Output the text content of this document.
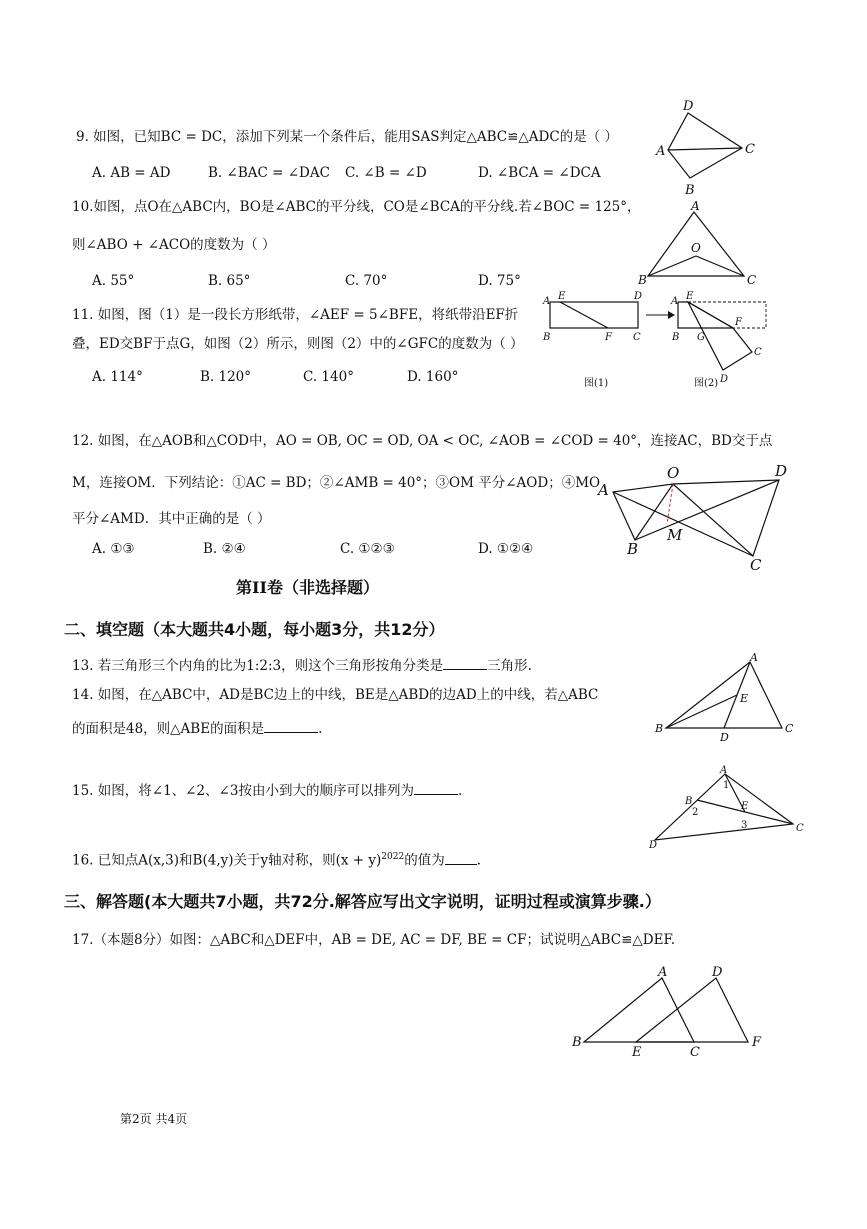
9. 如图，已知BC = DC，添加下列某一个条件后，能用SAS判定△ABC≌△ADC的是（ ）
A. AB = AD	B. ∠BAC = ∠DAC C. ∠B = ∠D	D. ∠BCA = ∠DCA
D
A	C
B
10.如图，点O在△ABC内，BO是∠ABC的平分线，CO是∠BCA的平分线.若∠BOC = 125°，
则∠ABO + ∠ACO的度数为（ ）
A. 55°	B. 65°	C. 70°	D. 75°
A
O
B	C
11. 如图，图（1）是一段长方形纸带，∠AEF = 5∠BFE，将纸带沿EF折
叠，ED交BF于点G，如图（2）所示，则图（2）中的∠GFC的度数为（ ）
A. 114°	B. 120°	C. 140°	D. 160°
A E	D
B	F C
A E
B G
F
C
D
图(1)	图(2)
12. 如图，在△AOB和△COD中，AO = OB, OC = OD, OA < OC, ∠AOB = ∠COD = 40°，连接AC，BD交于点
M，连接OM．下列结论：①AC = BD；②∠AMB = 40°；③OM 平分∠AOD；④MO
平分∠AMD．其中正确的是（ ）
A. ①③	B. ②④	C. ①②③	D. ①②④
O	D
A
B
M
C
第II卷（非选择题）
二、填空题（本大题共4小题，每小题3分，共12分）
13. 若三角形三个内角的比为1:2:3，则这个三角形按角分类是	三角形.
14. 如图，在△ABC中，AD是BC边上的中线，BE是△ABD的边AD上的中线，若△ABC
的面积是48，则△ABE的面积是	.
A
E
B
D
C
15. 如图，将∠1、∠2、∠3按由小到大的顺序可以排列为	.
A
1
B
2
E
3	C
D
16. 已知点A(x,3)和B(4,y)关于y轴对称，则$(x + y)^{2022}$的值为 .
三、解答题(本大题共7小题，共72分.解答应写出文字说明，证明过程或演算步骤.）
17.（本题8分）如图：△ABC和△DEF中，AB = DE, AC = DF, BE = CF；试说明△ABC≌△DEF.
A	D
B
E	C
F
第2页 共4页
